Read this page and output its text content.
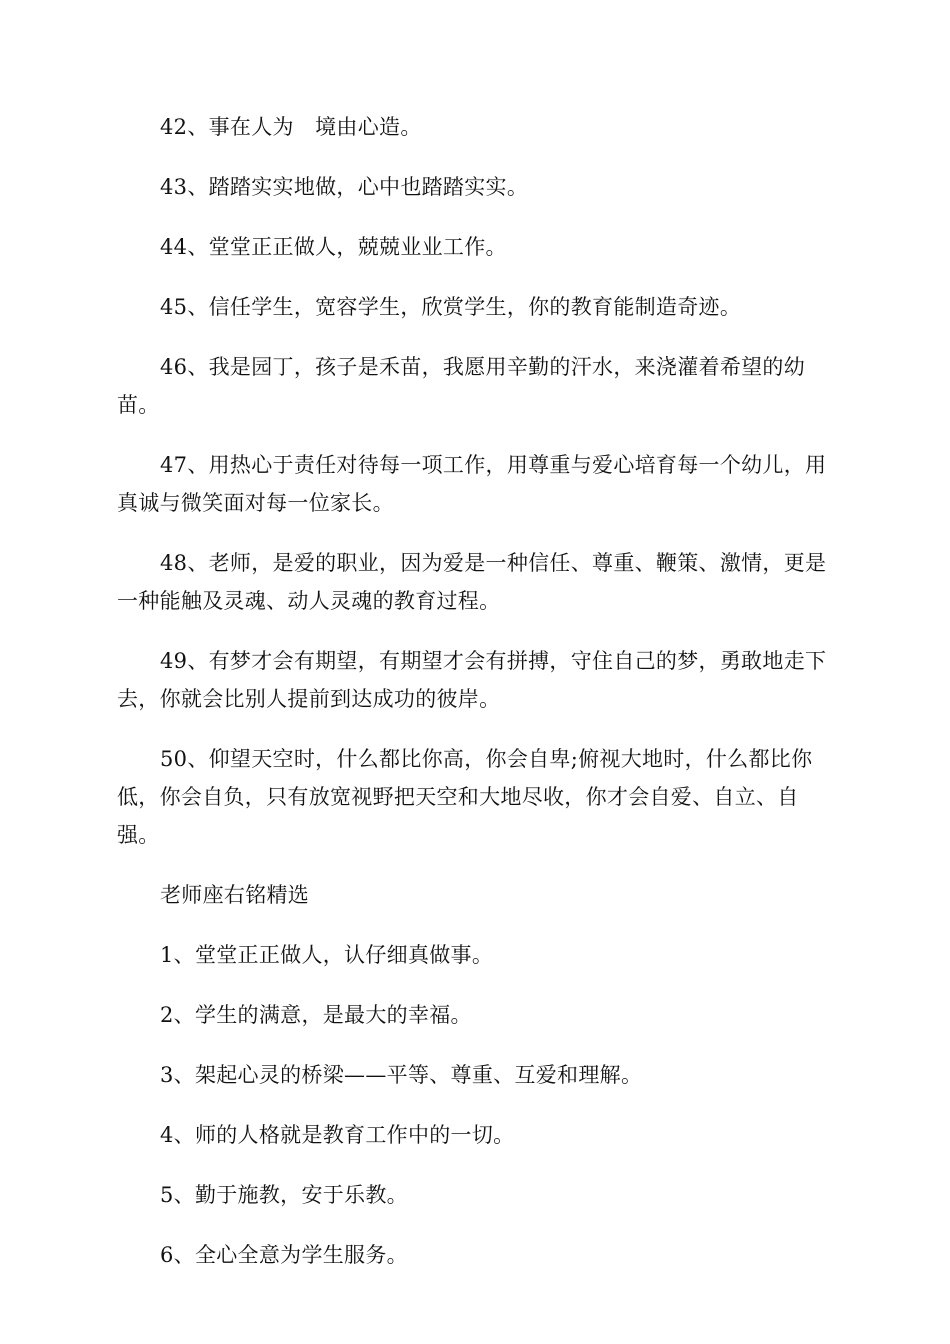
42、事在人为　境由心造。

43、踏踏实实地做，心中也踏踏实实。

44、堂堂正正做人，兢兢业业工作。

45、信任学生，宽容学生，欣赏学生，你的教育能制造奇迹。

46、我是园丁，孩子是禾苗，我愿用辛勤的汗水，来浇灌着希望的幼苗。

47、用热心于责任对待每一项工作，用尊重与爱心培育每一个幼儿，用真诚与微笑面对每一位家长。

48、老师，是爱的职业，因为爱是一种信任、尊重、鞭策、激情，更是一种能触及灵魂、动人灵魂的教育过程。

49、有梦才会有期望，有期望才会有拼搏，守住自己的梦，勇敢地走下去，你就会比别人提前到达成功的彼岸。

50、仰望天空时，什么都比你高，你会自卑;俯视大地时，什么都比你低，你会自负，只有放宽视野把天空和大地尽收，你才会自爱、自立、自强。

老师座右铭精选

1、堂堂正正做人，认仔细真做事。

2、学生的满意，是最大的幸福。

3、架起心灵的桥梁——平等、尊重、互爱和理解。

4、师的人格就是教育工作中的一切。

5、勤于施教，安于乐教。

6、全心全意为学生服务。
